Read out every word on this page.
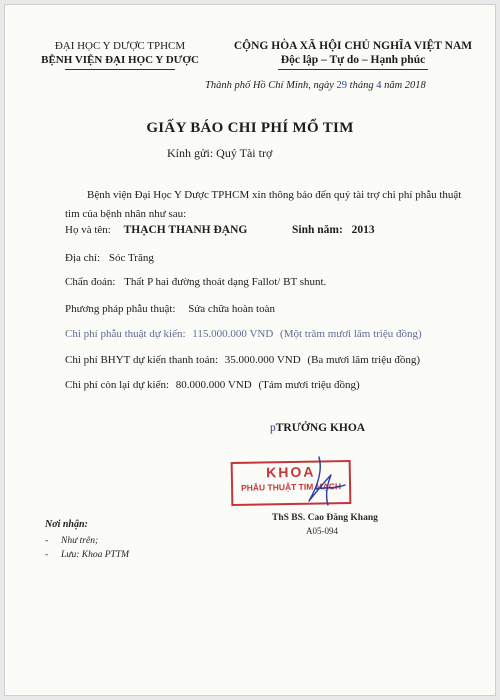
ĐẠI HỌC Y DƯỢC TPHCM
BỆNH VIỆN ĐẠI HỌC Y DƯỢC
CỘNG HÒA XÃ HỘI CHỦ NGHĨA VIỆT NAM
Độc lập – Tự do – Hạnh phúc
Thành phố Hồ Chí Minh, ngày 29 tháng 4 năm 2018
GIẤY BÁO CHI PHÍ MỔ TIM
Kính gửi: Quý Tài trợ
Bệnh viện Đại Học Y Dược TPHCM xin thông báo đến quý tài trợ chi phí phẫu thuật tim của bệnh nhân như sau:
Họ và tên: THẠCH THANH ĐẠNG	Sinh năm: 2013
Địa chỉ: Sóc Trăng
Chẩn đoán: Thất P hai đường thoát dạng Fallot/ BT shunt.
Phương pháp phẫu thuật: Sửa chữa hoàn toàn
Chi phí phẫu thuật dự kiến: 115.000.000 VND (Một trăm mươi lăm triệu đồng)
Chi phí BHYT dự kiến thanh toán: 35.000.000 VND (Ba mươi lăm triệu đồng)
Chi phí còn lại dự kiến: 80.000.000 VND (Tám mươi triệu đồng)
pTRƯỞNG KHOA
KHOA
PHẪU THUẬT TIM MẠCH
ThS BS. Cao Đăng Khang
A05-094
Nơi nhận:
- Như trên;
- Lưu: Khoa PTTM
